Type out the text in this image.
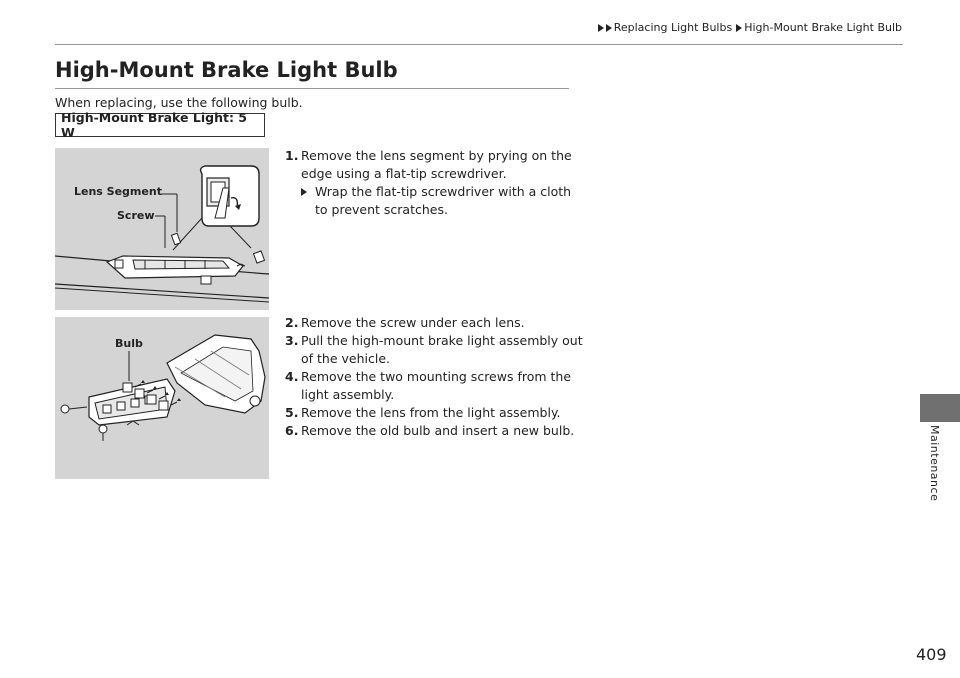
Replacing Light Bulbs High-Mount Brake Light Bulb
High-Mount Brake Light Bulb
When replacing, use the following bulb.
High-Mount Brake Light: 5 W
Lens Segment
Screw
Bulb
1. Remove the lens segment by prying on the edge using a flat-tip screwdriver.
Wrap the flat-tip screwdriver with a cloth to prevent scratches.
2. Remove the screw under each lens.
3. Pull the high-mount brake light assembly out of the vehicle.
4. Remove the two mounting screws from the light assembly.
5. Remove the lens from the light assembly.
6. Remove the old bulb and insert a new bulb.	Maintenance
409
